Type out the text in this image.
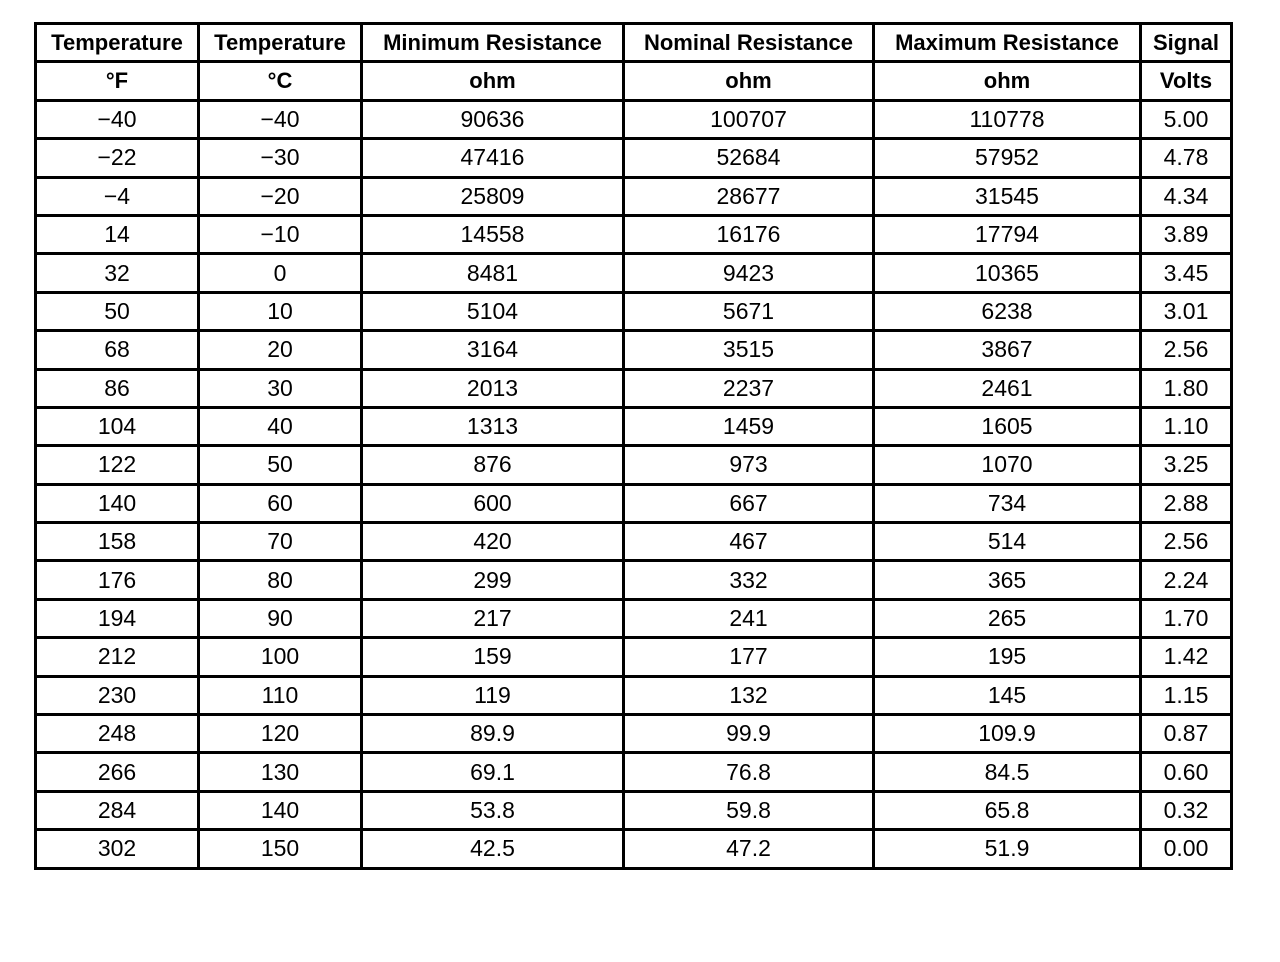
Temperature	Temperature	Minimum Resistance	Nominal Resistance	Maximum Resistance	Signal
°F	°C	ohm	ohm	ohm	Volts
−40	−40	90636	100707	110778	5.00
−22	−30	47416	52684	57952	4.78
−4	−20	25809	28677	31545	4.34
14	−10	14558	16176	17794	3.89
32	0	8481	9423	10365	3.45
50	10	5104	5671	6238	3.01
68	20	3164	3515	3867	2.56
86	30	2013	2237	2461	1.80
104	40	1313	1459	1605	1.10
122	50	876	973	1070	3.25
140	60	600	667	734	2.88
158	70	420	467	514	2.56
176	80	299	332	365	2.24
194	90	217	241	265	1.70
212	100	159	177	195	1.42
230	110	119	132	145	1.15
248	120	89.9	99.9	109.9	0.87
266	130	69.1	76.8	84.5	0.60
284	140	53.8	59.8	65.8	0.32
302	150	42.5	47.2	51.9	0.00
